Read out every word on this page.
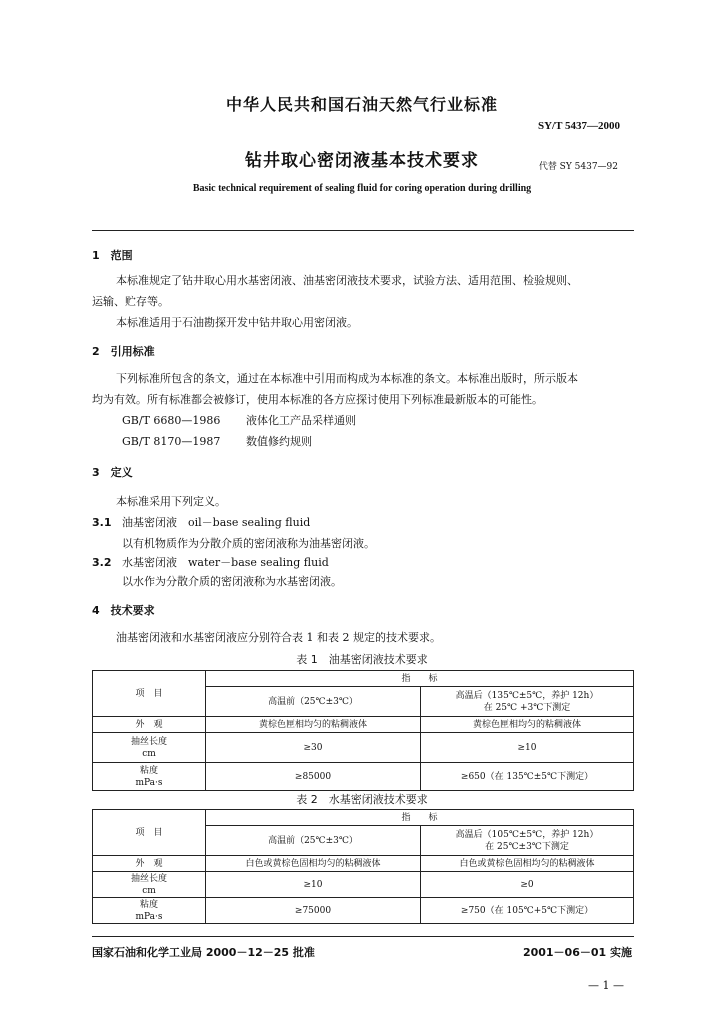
中华人民共和国石油天然气行业标准
SY/T 5437—2000
钻井取心密闭液基本技术要求	代替 SY 5437—92
Basic technical requirement of sealing fluid for coring operation during drilling
1　范围
本标准规定了钻井取心用水基密闭液、油基密闭液技术要求，试验方法、适用范围、检验规则、
运输、贮存等。
本标准适用于石油勘探开发中钻井取心用密闭液。
2　引用标准
下列标准所包含的条文，通过在本标准中引用而构成为本标准的条文。本标准出版时，所示版本
均为有效。所有标准都会被修订，使用本标准的各方应探讨使用下列标准最新版本的可能性。
GB/T 6680—1986 液体化工产品采样通则
GB/T 8170—1987 数值修约规则
3　定义
本标准采用下列定义。
3.1 油基密闭液　oil－base sealing fluid
以有机物质作为分散介质的密闭液称为油基密闭液。
3.2 水基密闭液　water－base sealing fluid
以水作为分散介质的密闭液称为水基密闭液。
4　技术要求
油基密闭液和水基密闭液应分别符合表 1 和表 2 规定的技术要求。
表 1　油基密闭液技术要求
项　目	指　　标	
	高温前（25℃±3℃）	高温后（135℃±5℃，养护 12h）
在 25℃ +3℃下测定

外　观	黄棕色匣相均匀的粘稠液体	黄棕色匣相均匀的粘稠液体

抽丝长度
cm	≥30	≥10

粘度
mPa·s	≥85000	≥650（在 135℃±5℃下测定）
表 2　水基密闭液技术要求
项　目	指　　标	
	高温前（25℃±3℃）	高温后（105℃±5℃，养护 12h）
在 25℃±3℃下测定

外　观	白色或黄棕色固相均匀的粘稠液体	白色或黄棕色固相均匀的粘稠液体

抽丝长度
cm	≥10	≥0

粘度
mPa·s	≥75000	≥750（在 105℃+5℃下测定）
国家石油和化学工业局 2000－12－25 批准	2001－06－01 实施
— 1 —
